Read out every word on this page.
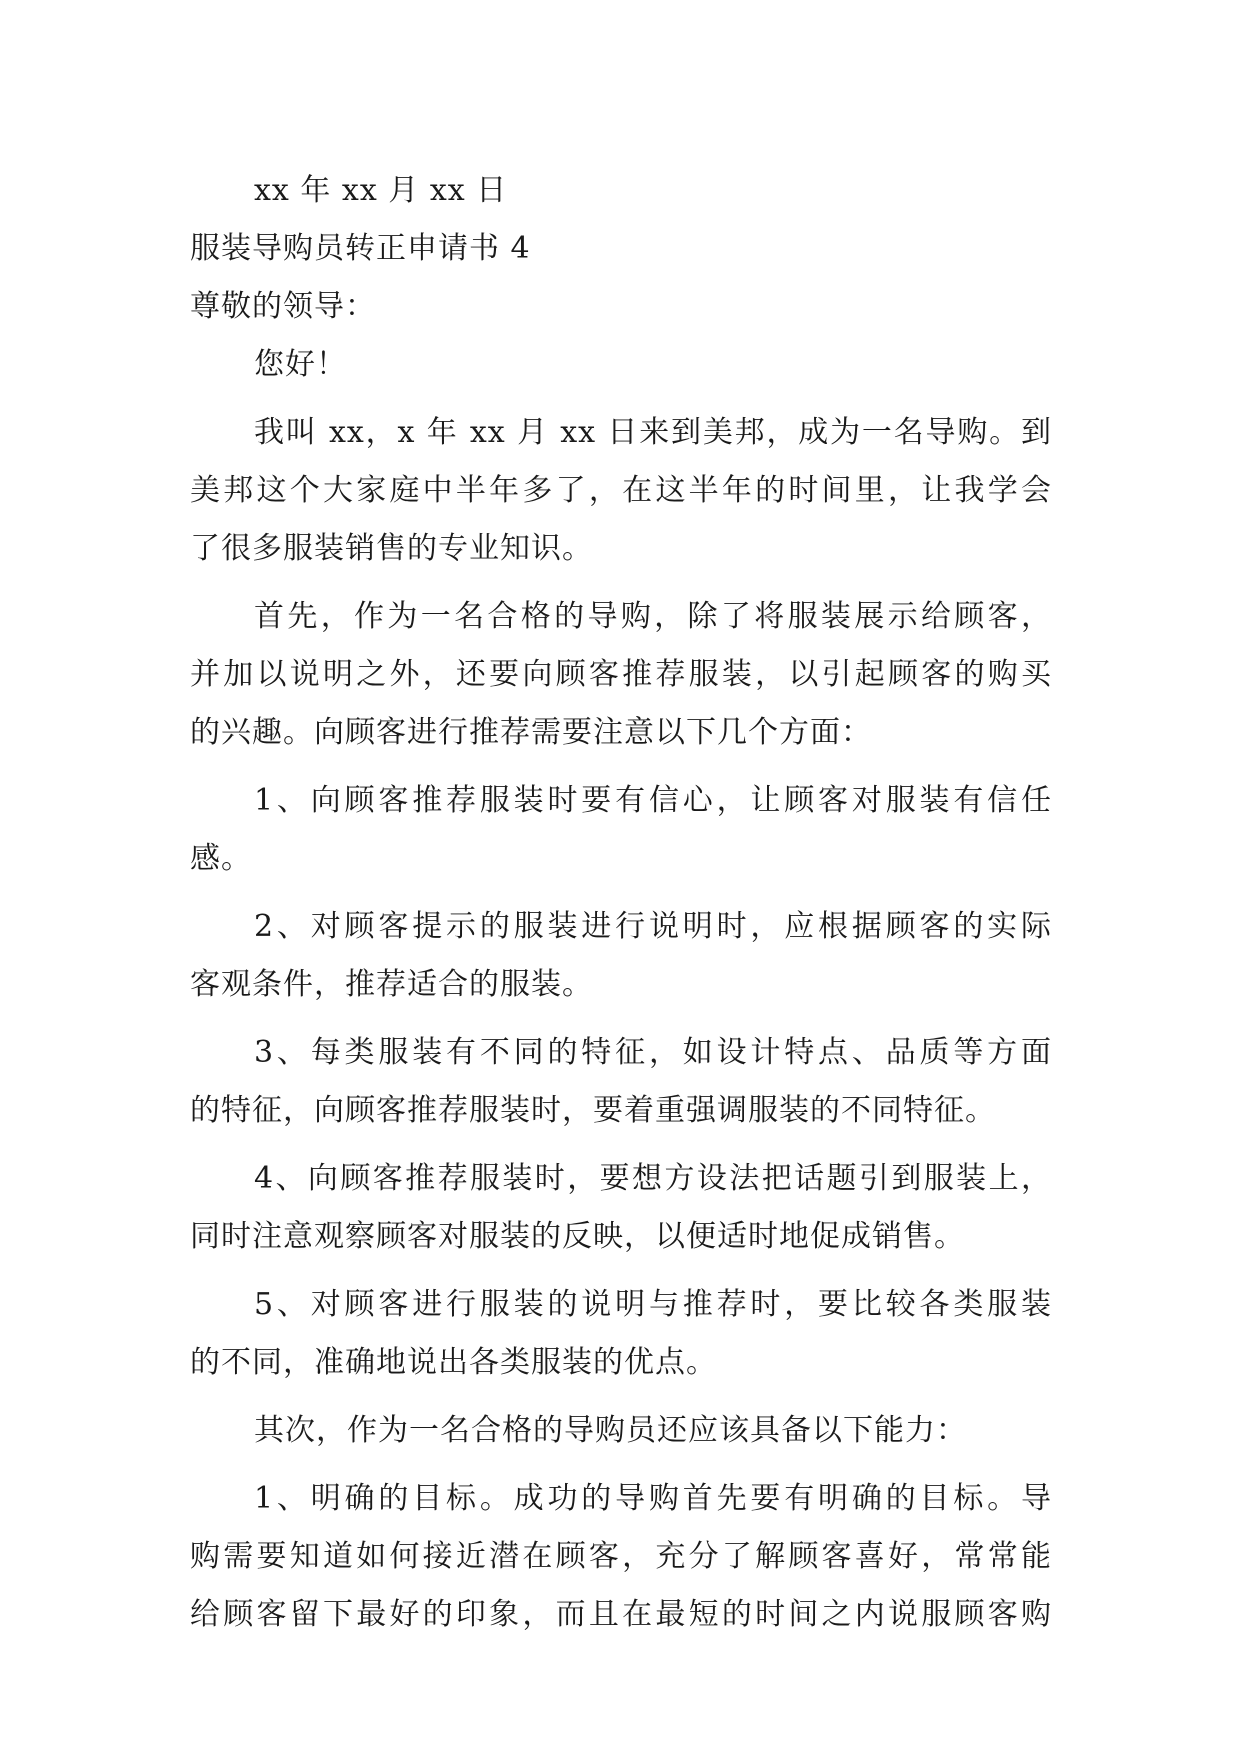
xx 年 xx 月 xx 日
服装导购员转正申请书 4
尊敬的领导：
您好！
我叫 xx，x 年 xx 月 xx 日来到美邦，成为一名导购。到
美邦这个大家庭中半年多了，在这半年的时间里，让我学会
了很多服装销售的专业知识。
首先，作为一名合格的导购，除了将服装展示给顾客，
并加以说明之外，还要向顾客推荐服装，以引起顾客的购买
的兴趣。向顾客进行推荐需要注意以下几个方面：
1、向顾客推荐服装时要有信心，让顾客对服装有信任
感。
2、对顾客提示的服装进行说明时，应根据顾客的实际
客观条件，推荐适合的服装。
3、每类服装有不同的特征，如设计特点、品质等方面
的特征，向顾客推荐服装时，要着重强调服装的不同特征。
4、向顾客推荐服装时，要想方设法把话题引到服装上，
同时注意观察顾客对服装的反映，以便适时地促成销售。
5、对顾客进行服装的说明与推荐时，要比较各类服装
的不同，准确地说出各类服装的优点。
其次，作为一名合格的导购员还应该具备以下能力：
1、明确的目标。成功的导购首先要有明确的目标。导
购需要知道如何接近潜在顾客，充分了解顾客喜好，常常能
给顾客留下最好的印象，而且在最短的时间之内说服顾客购
